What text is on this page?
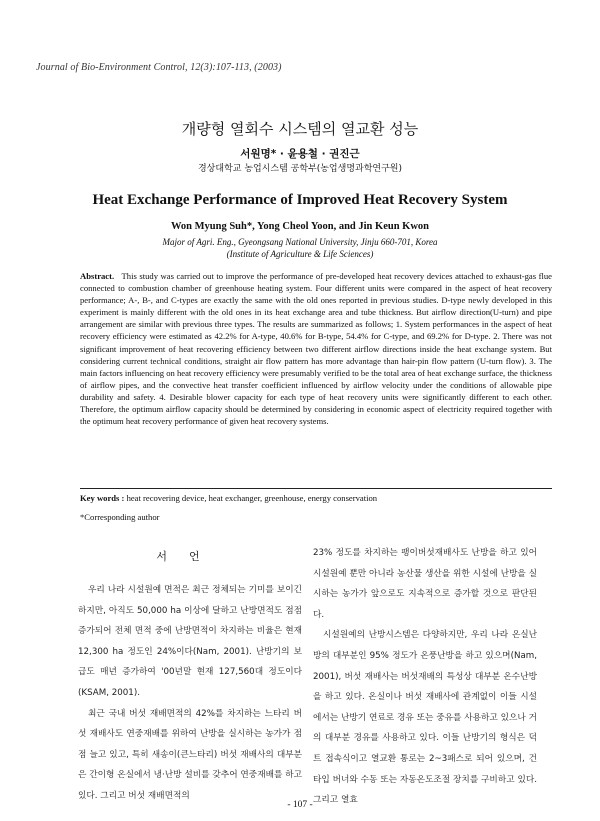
Journal of Bio-Environment Control, 12(3):107-113, (2003)
개량형 열회수 시스템의 열교환 성능
서원명* · 윤용철 · 권진근
경상대학교 농업시스템 공학부(농업생명과학연구원)
Heat Exchange Performance of Improved Heat Recovery System
Won Myung Suh*, Yong Cheol Yoon, and Jin Keun Kwon
Major of Agri. Eng., Gyeongsang National University, Jinju 660-701, Korea
(Institute of Agriculture & Life Sciences)
Abstract. This study was carried out to improve the performance of pre-developed heat recovery devices attached to exhaust-gas flue connected to combustion chamber of greenhouse heating system. Four different units were compared in the aspect of heat recovery performance; A-, B-, and C-types are exactly the same with the old ones reported in previous studies. D-type newly developed in this experiment is mainly different with the old ones in its heat exchange area and tube thickness. But airflow direction(U-turn) and pipe arrangement are similar with previous three types. The results are summarized as follows; 1. System performances in the aspect of heat recovery efficiency were estimated as 42.2% for A-type, 40.6% for B-type, 54.4% for C-type, and 69.2% for D-type. 2. There was not significant improvement of heat recovering efficiency between two different airflow directions inside the heat exchange system. But considering current technical conditions, straight air flow pattern has more advantage than hair-pin flow pattern (U-turn flow). 3. The main factors influencing on heat recovery efficiency were presumably verified to be the total area of heat exchange surface, the thickness of airflow pipes, and the convective heat transfer coefficient influenced by airflow velocity under the conditions of allowable pipe durability and safety. 4. Desirable blower capacity for each type of heat recovery units were significantly different to each other. Therefore, the optimum airflow capacity should be determined by considering in economic aspect of electricity required together with the optimum heat recovery performance of given heat recovery systems.
Key words : heat recovering device, heat exchanger, greenhouse, energy conservation
*Corresponding author
서언

우리 나라 시설원예 면적은 최근 정체되는 기미를 보이긴 하지만, 아직도 50,000 ha 이상에 달하고 난방면적도 점점 증가되어 전체 면적 중에 난방면적이 차지하는 비율은 현재 12,300 ha 정도인 24%이다(Nam, 2001). 난방기의 보급도 매년 증가하여 '00년말 현재 127,560대 정도이다(KSAM, 2001).

최근 국내 버섯 재배면적의 42%를 차지하는 느타리 버섯 재배사도 연중재배를 위하여 난방을 실시하는 농가가 점점 늘고 있고, 특히 새송이(큰느타리) 버섯 재배사의 대부분은 간이형 온실에서 냉·난방 설비를 갖추어 연중재배를 하고 있다. 그리고 버섯 재배면적의

23% 정도를 차지하는 팽이버섯재배사도 난방을 하고 있어 시설원예 뿐만 아니라 농산물 생산을 위한 시설에 난방을 실시하는 농가가 앞으로도 지속적으로 증가할 것으로 판단된다.

시설원예의 난방시스템은 다양하지만, 우리 나라 온실난방의 대부분인 95% 정도가 온풍난방을 하고 있으며(Nam, 2001), 버섯 재배사는 버섯재배의 특성상 대부분 온수난방을 하고 있다. 온실이나 버섯 재배사에 관계없이 이들 시설에서는 난방기 연료로 경유 또는 중유를 사용하고 있으나 거의 대부분 경유를 사용하고 있다. 이들 난방기의 형식은 덕트 접속식이고 열교환 통로는 2~3패스로 되어 있으며, 건타입 버너와 수동 또는 자동온도조절 장치를 구비하고 있다. 그리고 열효

- 107 -
